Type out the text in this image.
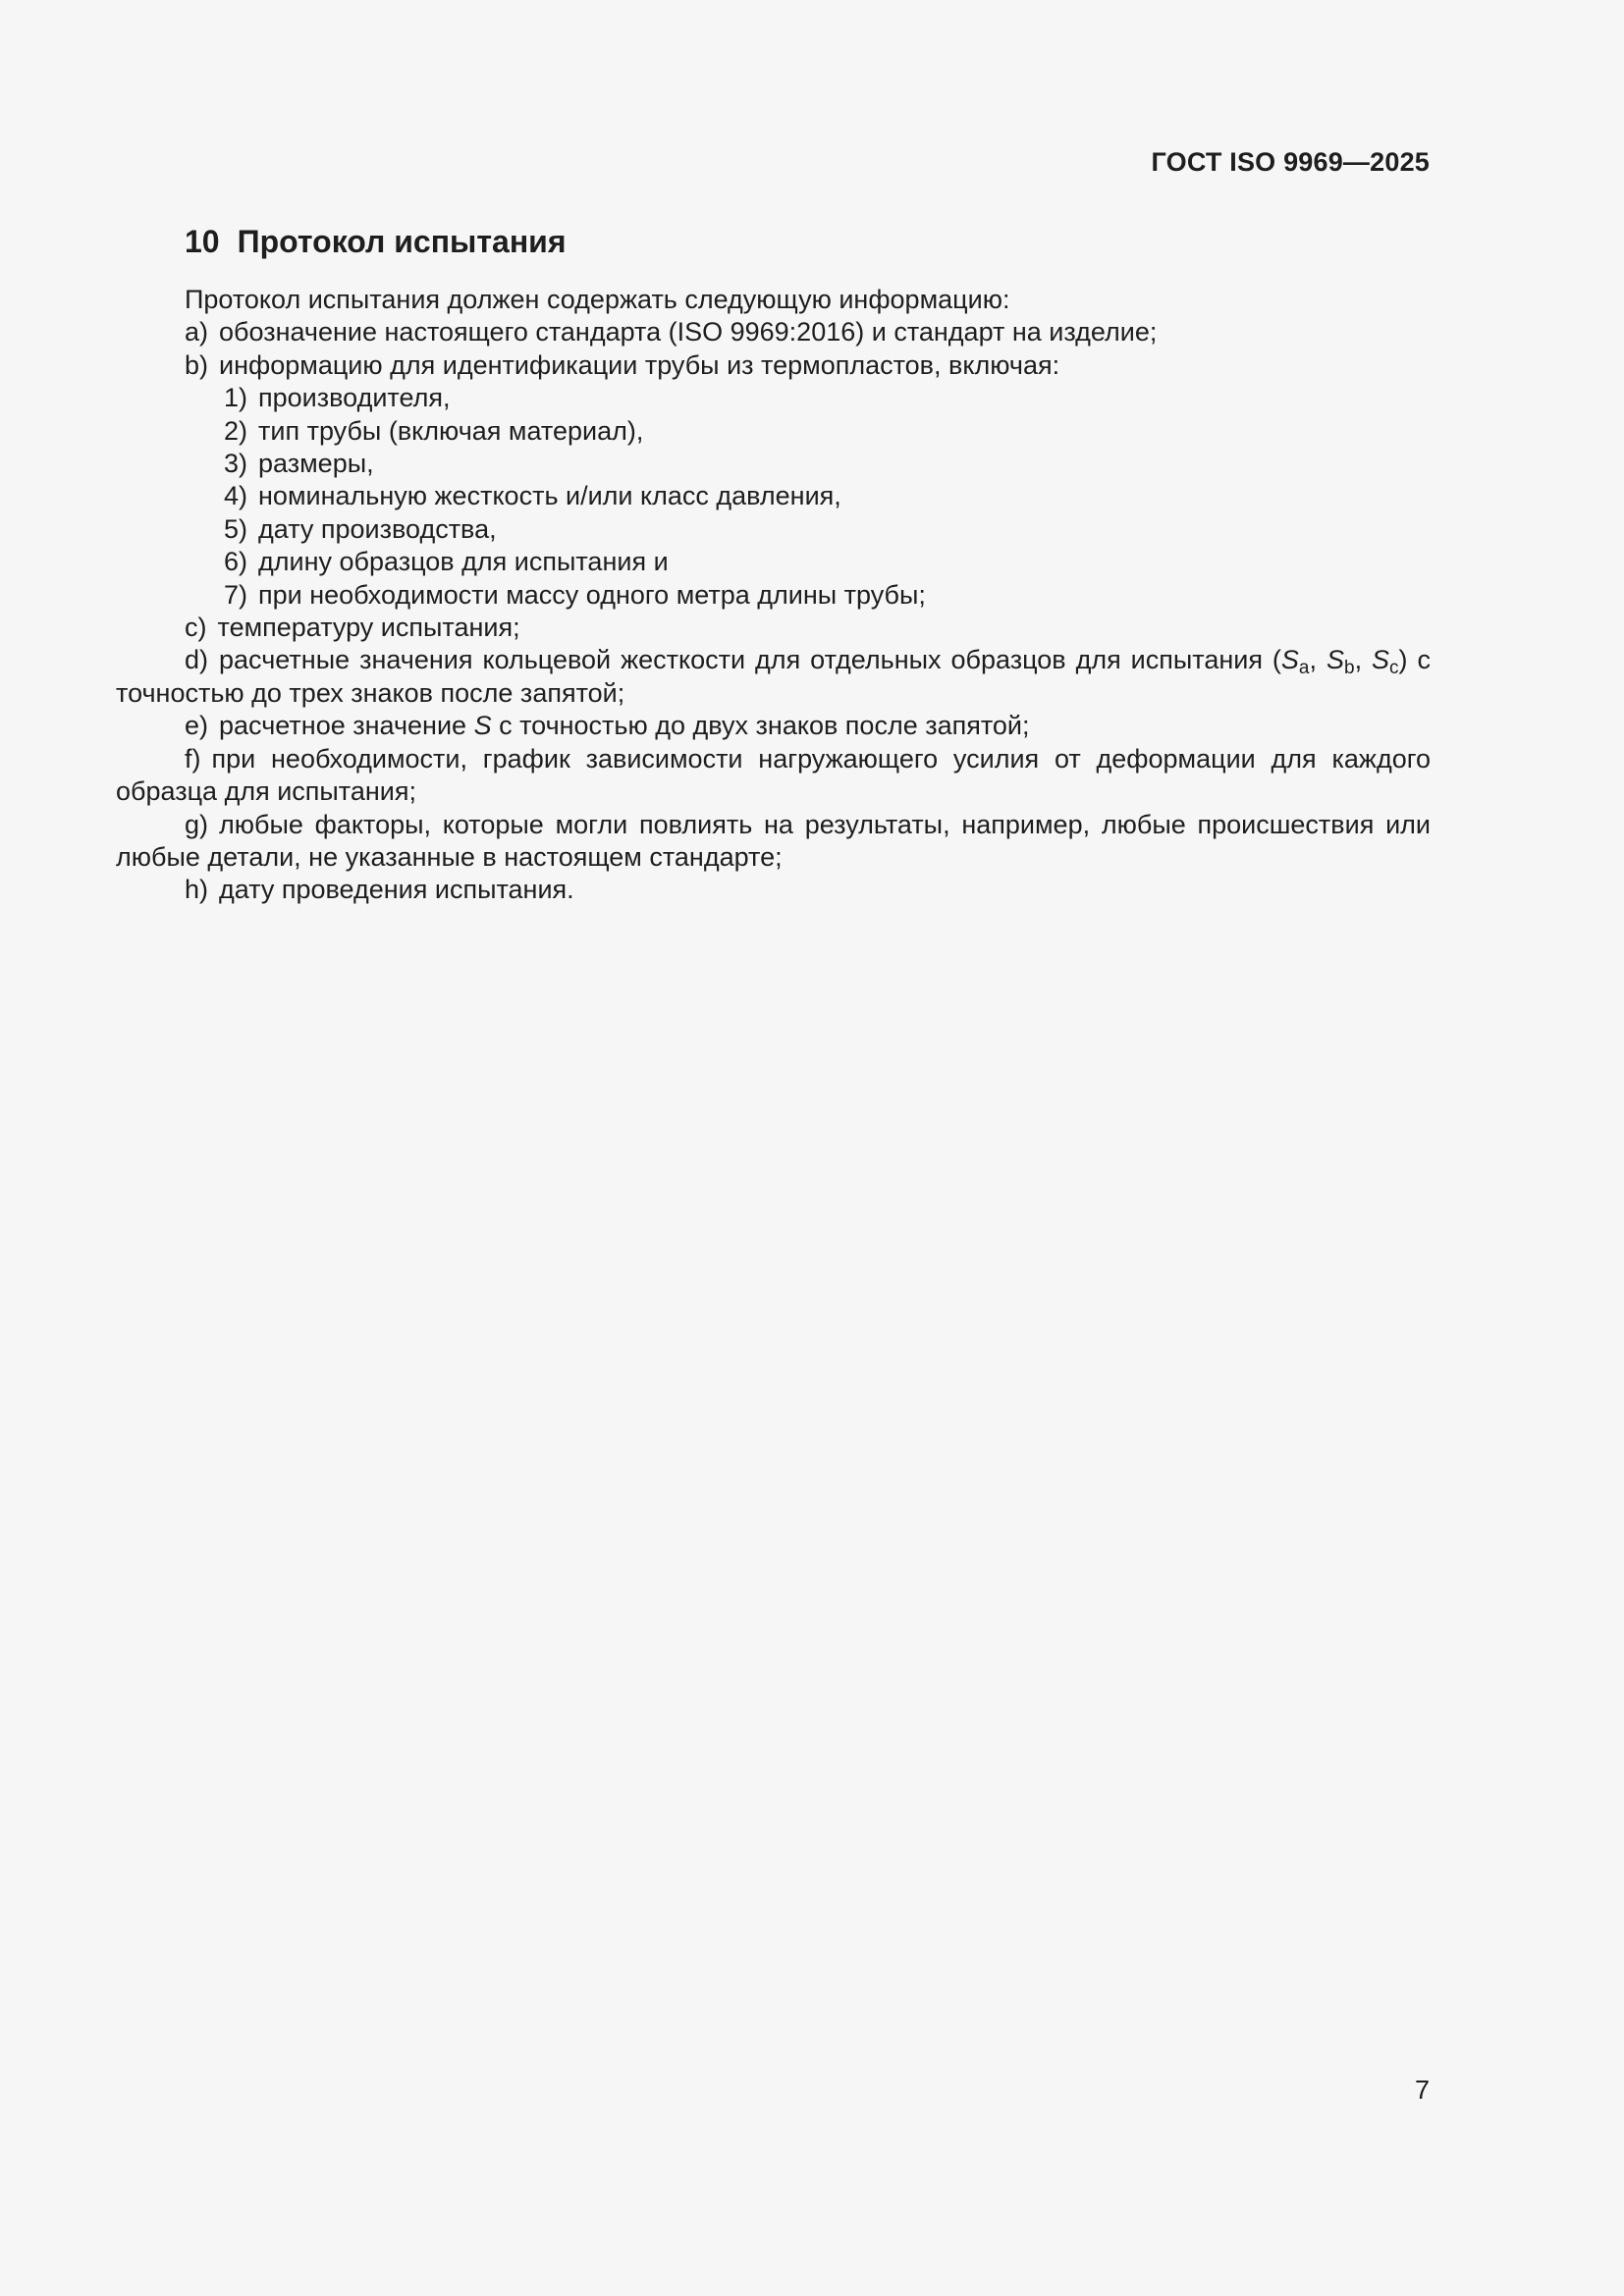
ГОСТ ISO 9969—2025
10 Протокол испытания

Протокол испытания должен содержать следующую информацию:

a) обозначение настоящего стандарта (ISO 9969:2016) и стандарт на изделие;

b) информацию для идентификации трубы из термопластов, включая:

1) производителя,

2) тип трубы (включая материал),

3) размеры,

4) номинальную жесткость и/или класс давления,

5) дату производства,

6) длину образцов для испытания и

7) при необходимости массу одного метра длины трубы;

c) температуру испытания;

d) расчетные значения кольцевой жесткости для отдельных образцов для испытания ($S_a$, $S_b$, $S_c$) с точностью до трех знаков после запятой;

e) расчетное значение S с точностью до двух знаков после запятой;

f) при необходимости, график зависимости нагружающего усилия от деформации для каждого образца для испытания;

g) любые факторы, которые могли повлиять на результаты, например, любые происшествия или любые детали, не указанные в настоящем стандарте;

h) дату проведения испытания.

7
